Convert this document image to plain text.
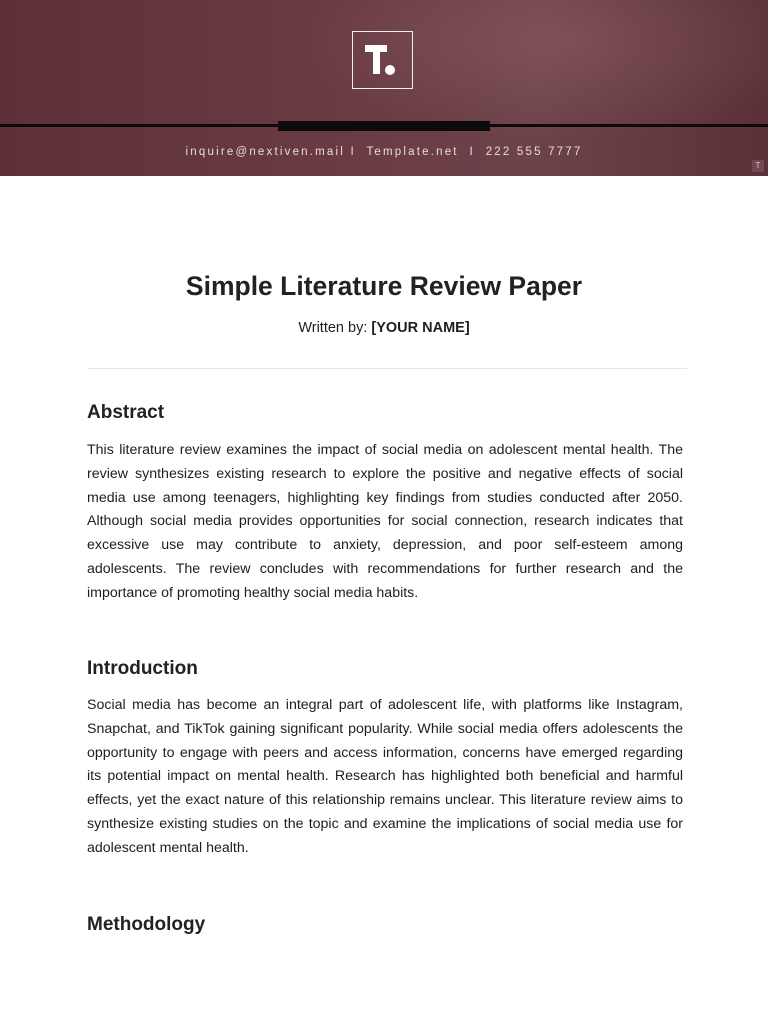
inquire@nextiven.mail I Template.net I 222 555 7777
T
Simple Literature Review Paper
Written by: [YOUR NAME]
Abstract

This literature review examines the impact of social media on adolescent mental health. The review synthesizes existing research to explore the positive and negative effects of social media use among teenagers, highlighting key findings from studies conducted after 2050. Although social media provides opportunities for social connection, research indicates that excessive use may contribute to anxiety, depression, and poor self-esteem among adolescents. The review concludes with recommendations for further research and the importance of promoting healthy social media habits.

Introduction

Social media has become an integral part of adolescent life, with platforms like Instagram, Snapchat, and TikTok gaining significant popularity. While social media offers adolescents the opportunity to engage with peers and access information, concerns have emerged regarding its potential impact on mental health. Research has highlighted both beneficial and harmful effects, yet the exact nature of this relationship remains unclear. This literature review aims to synthesize existing studies on the topic and examine the implications of social media use for adolescent mental health.

Methodology
